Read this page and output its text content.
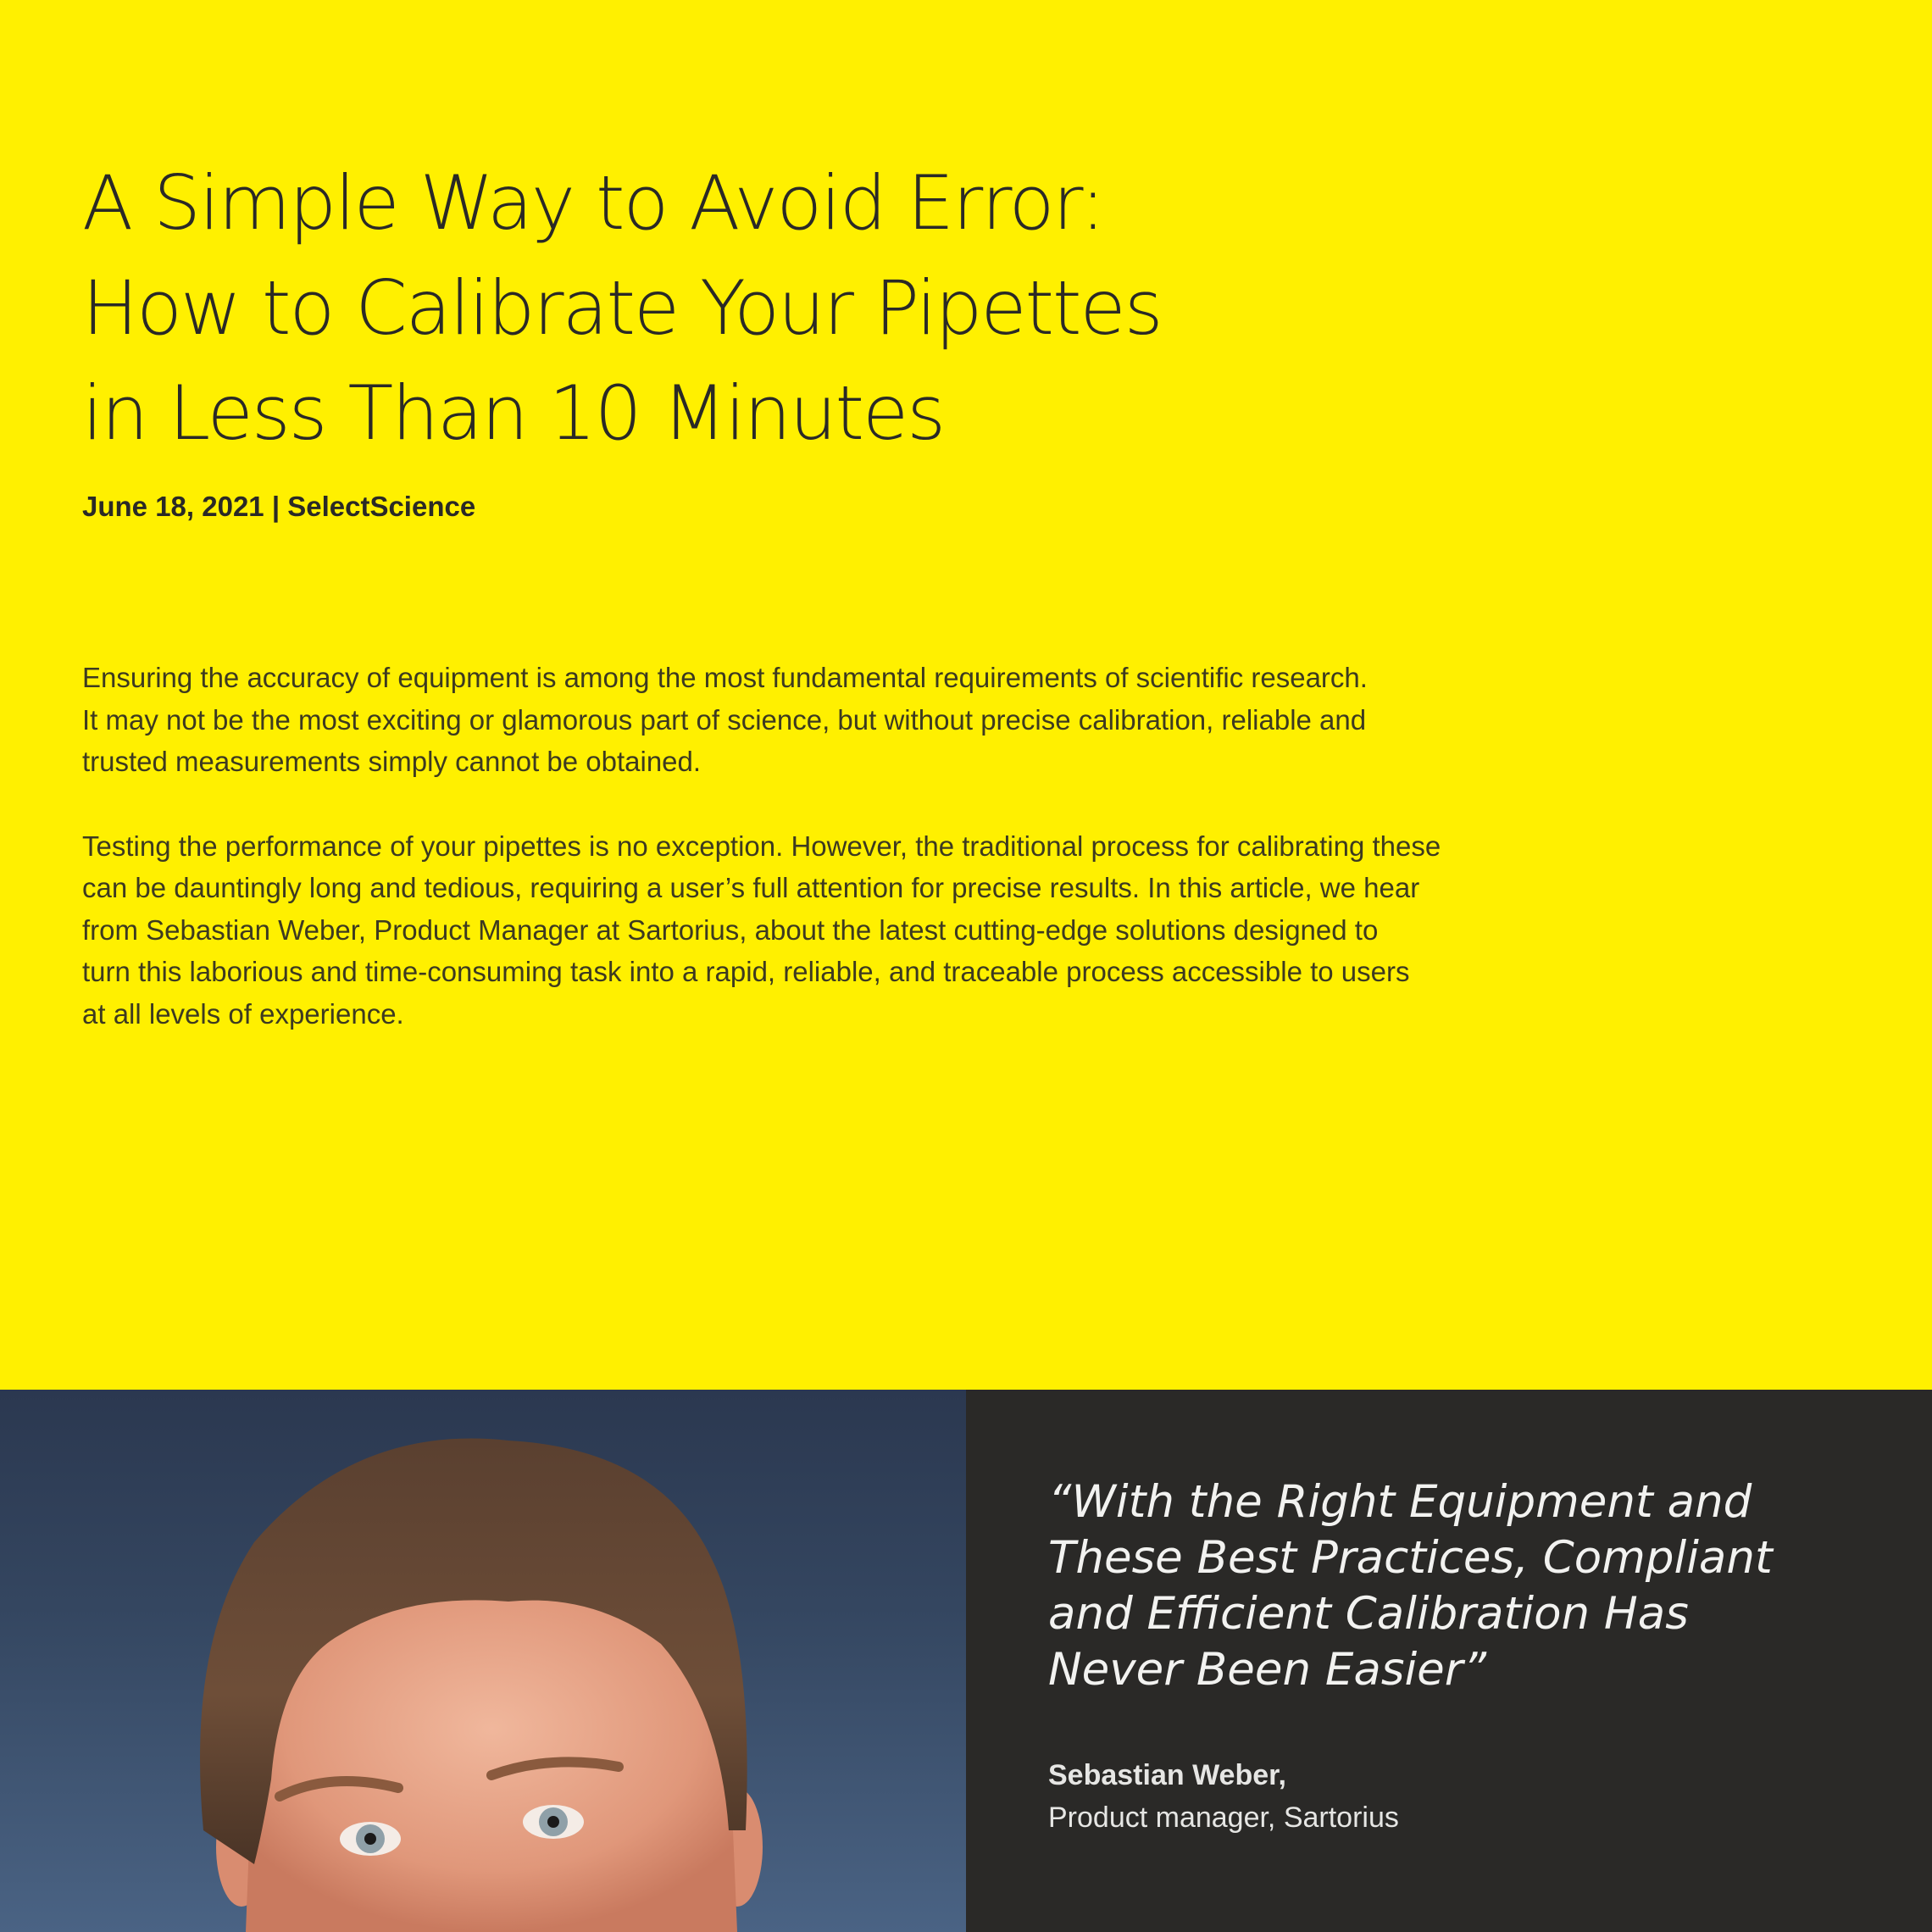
A Simple Way to Avoid Error:
How to Calibrate Your Pipettes
in Less Than 10 Minutes
June 18, 2021 | SelectScience

Ensuring the accuracy of equipment is among the most fundamental requirements of scientific research.
It may not be the most exciting or glamorous part of science, but without precise calibration, reliable and
trusted measurements simply cannot be obtained.

Testing the performance of your pipettes is no exception. However, the traditional process for calibrating these
can be dauntingly long and tedious, requiring a user’s full attention for precise results. In this article, we hear
from Sebastian Weber, Product Manager at Sartorius, about the latest cutting-edge solutions designed to
turn this laborious and time-consuming task into a rapid, reliable, and traceable process accessible to users
at all levels of experience.

“With the Right Equipment and
These Best Practices, Compliant
and Efficient Calibration Has
Never Been Easier”
Sebastian Weber,
Product manager, Sartorius
